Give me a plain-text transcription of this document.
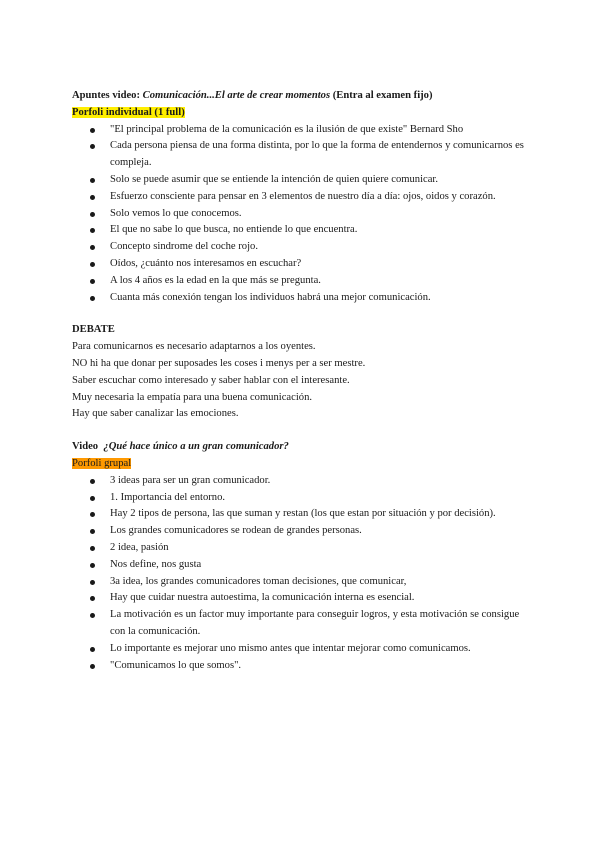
Apuntes video: Comunicación...El arte de crear momentos (Entra al examen fijo)
Porfoli individual (1 full)
"El principal problema de la comunicación es la ilusión de que existe" Bernard Sho
Cada persona piensa de una forma distinta, por lo que la forma de entendernos y comunicarnos es compleja.
Solo se puede asumir que se entiende la intención de quien quiere comunicar.
Esfuerzo consciente para pensar en 3 elementos de nuestro día a día: ojos, oidos y corazón.
Solo vemos lo que conocemos.
El que no sabe lo que busca, no entiende lo que encuentra.
Concepto sindrome del coche rojo.
Oídos, ¿cuánto nos interesamos en escuchar?
A los 4 años es la edad en la que más se pregunta.
Cuanta más conexión tengan los individuos habrá una mejor comunicación.
DEBATE
Para comunicarnos es necesario adaptarnos a los oyentes.
NO hi ha que donar per suposades les coses i menys per a ser mestre.
Saber escuchar como interesado y saber hablar con el interesante.
Muy necesaria la empatía para una buena comunicación.
Hay que saber canalizar las emociones.
Video  ¿Qué hace único a un gran comunicador?
Porfoli grupal
3 ideas para ser un gran comunicador.
1. Importancia del entorno.
Hay 2 tipos de persona, las que suman y restan (los que estan por situación y por decisión).
Los grandes comunicadores se rodean de grandes personas.
2 idea, pasión
Nos define, nos gusta
3a idea, los grandes comunicadores toman decisiones, que comunicar,
Hay que cuidar nuestra autoestima, la comunicación interna es esencial.
La motivación es un factor muy importante para conseguir logros, y esta motivación se consigue con la comunicación.
Lo importante es mejorar uno mismo antes que intentar mejorar como comunicamos.
"Comunicamos lo que somos".
